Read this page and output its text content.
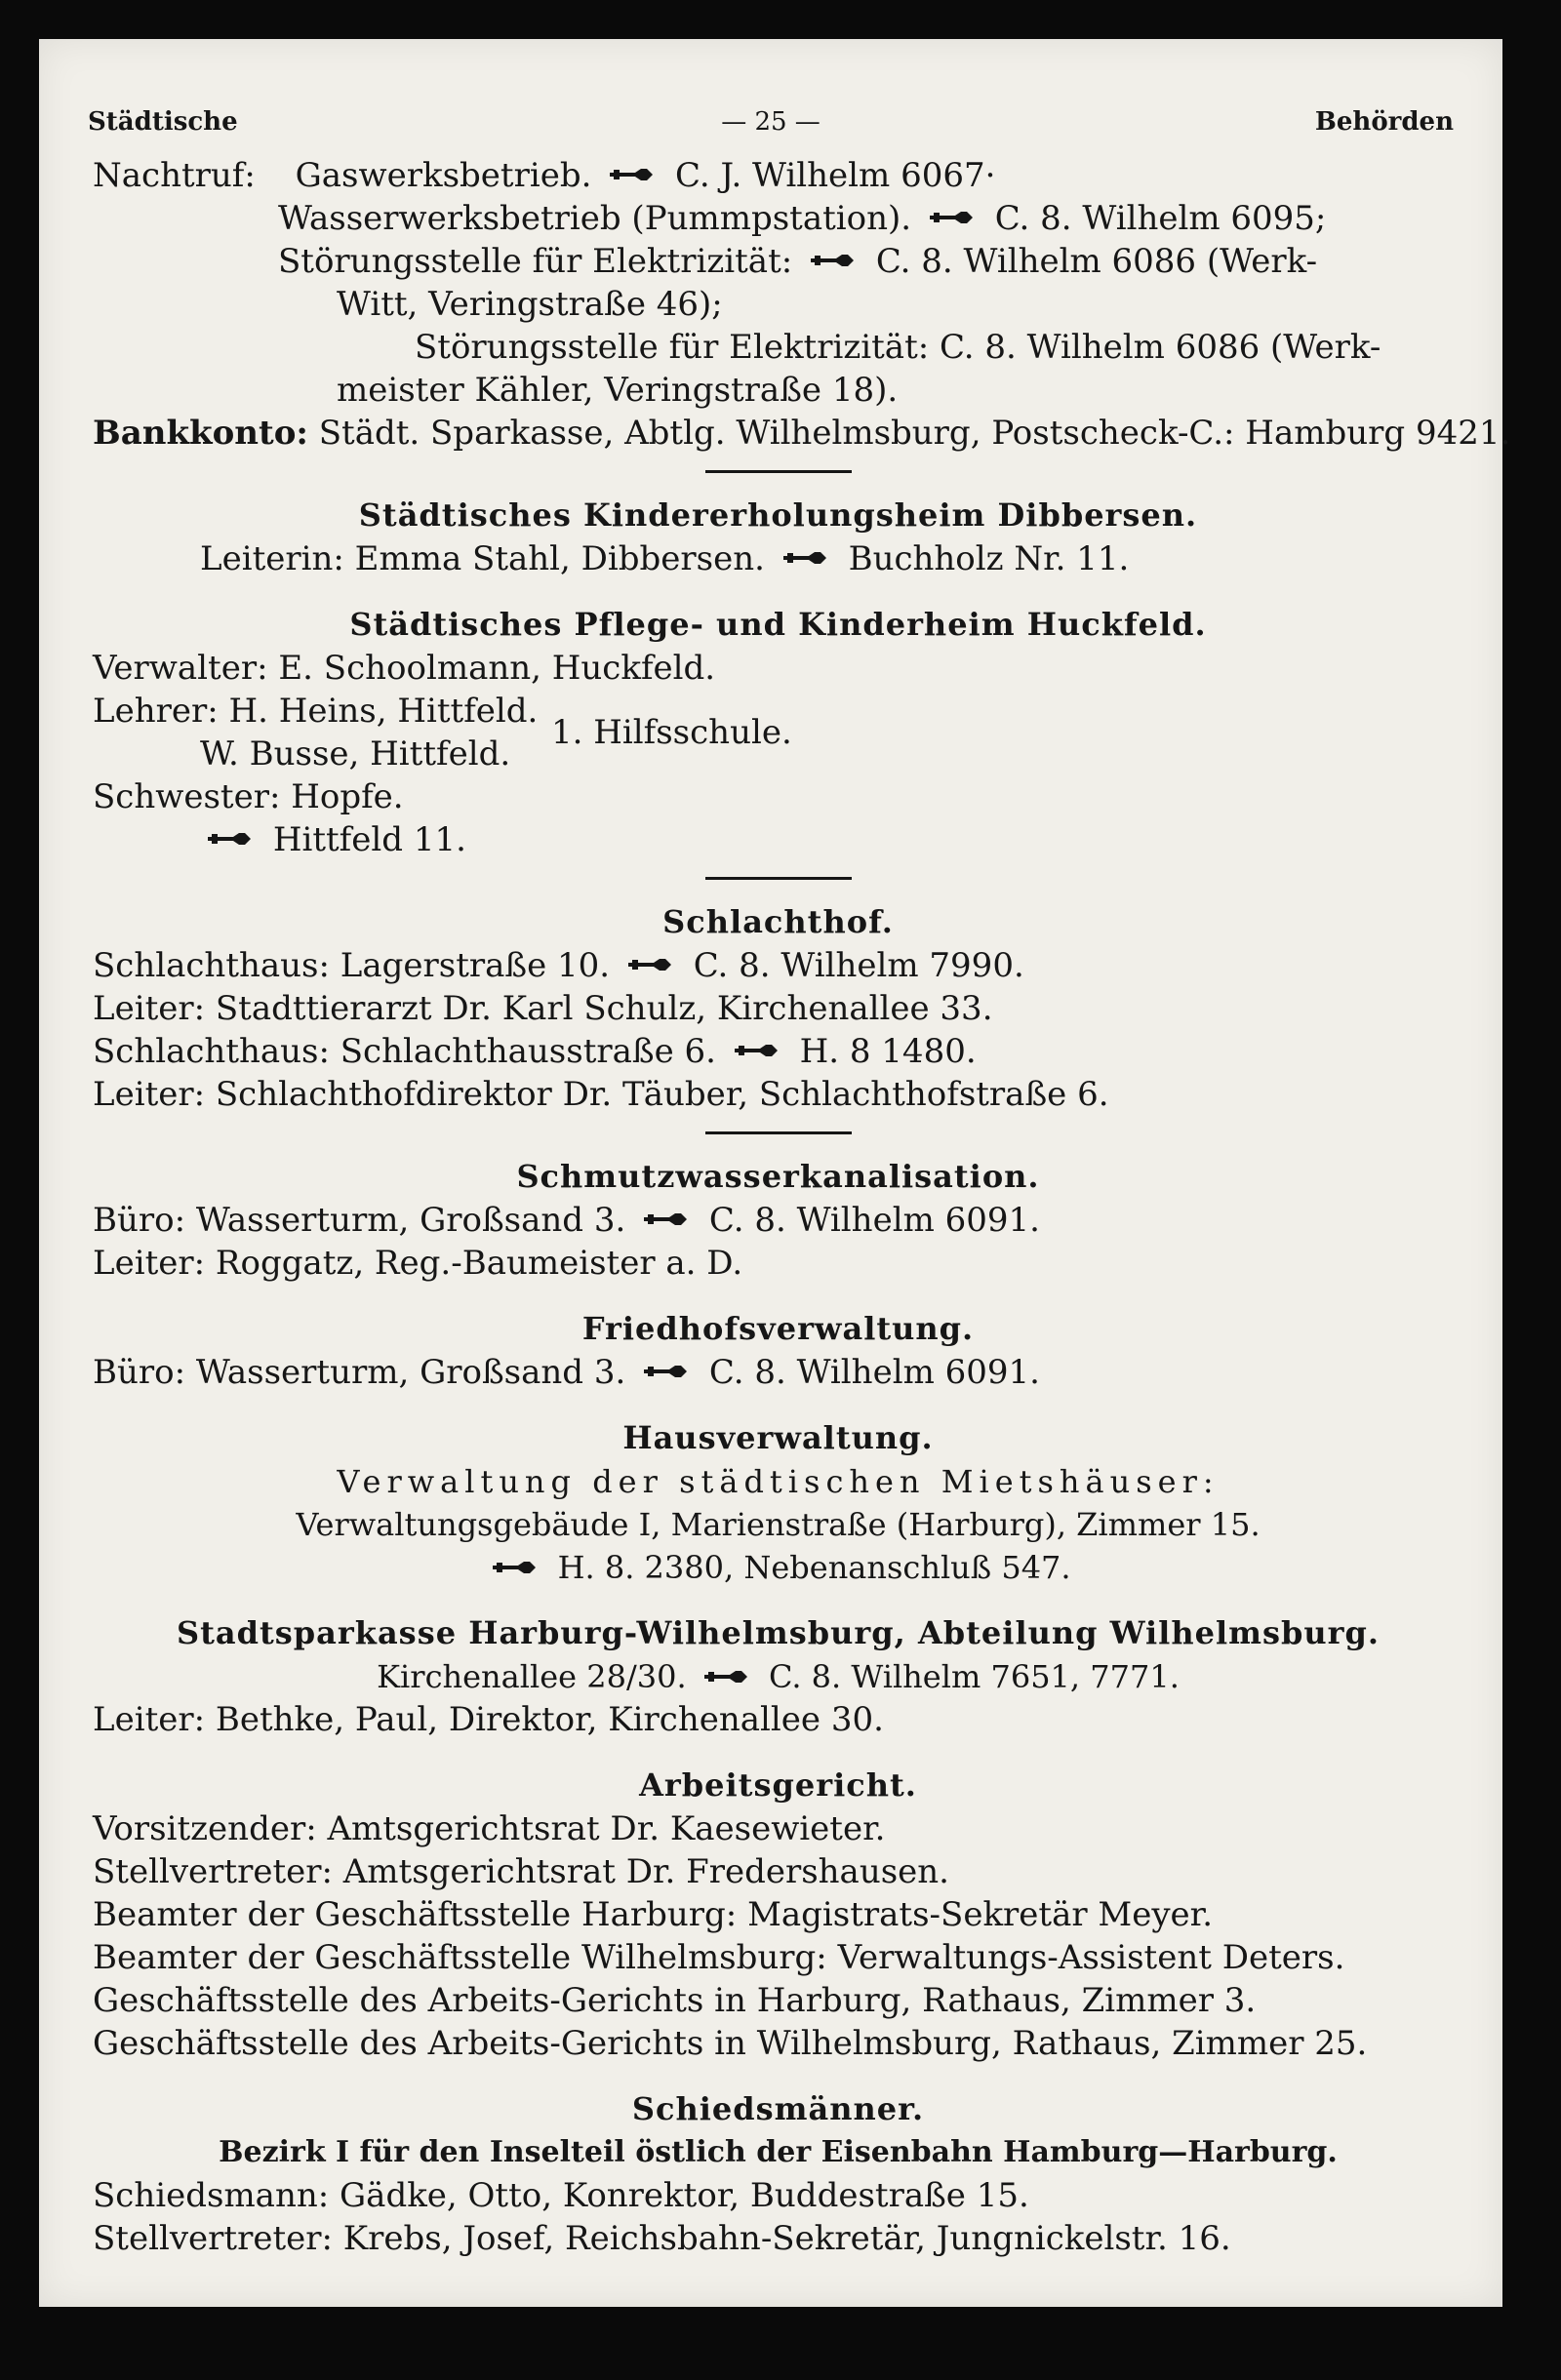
Städtische	— 25 —	Behörden
Nachtruf: Gaswerksbetrieb.	C. J. Wilhelm 6067·
Wasserwerksbetrieb (Pummpstation).	C. 8. Wilhelm 6095;
Störungsstelle für Elektrizität:	C. 8. Wilhelm 6086 (Werk-
Witt, Veringstraße 46);
Störungsstelle für Elektrizität: C. 8. Wilhelm 6086 (Werk-
meister Kähler, Veringstraße 18).
Bankkonto: Städt. Sparkasse, Abtlg. Wilhelmsburg, Postscheck-C.: Hamburg 9421.
Städtisches Kindererholungsheim Dibbersen.
Leiterin: Emma Stahl, Dibbersen.	Buchholz Nr. 11.
Städtisches Pflege- und Kinderheim Huckfeld.
Verwalter: E. Schoolmann, Huckfeld.
Lehrer: H. Heins, Hittfeld.
W. Busse, Hittfeld.
1. Hilfsschule.
Schwester: Hopfe.
Hittfeld 11.
Schlachthof.
Schlachthaus: Lagerstraße 10.	C. 8. Wilhelm 7990.
Leiter: Stadttierarzt Dr. Karl Schulz, Kirchenallee 33.
Schlachthaus: Schlachthausstraße 6.	H. 8 1480.
Leiter: Schlachthofdirektor Dr. Täuber, Schlachthofstraße 6.
Schmutzwasserkanalisation.
Büro: Wasserturm, Großsand 3.	C. 8. Wilhelm 6091.
Leiter: Roggatz, Reg.-Baumeister a. D.
Friedhofsverwaltung.
Büro: Wasserturm, Großsand 3.	C. 8. Wilhelm 6091.
Hausverwaltung.
Verwaltung der städtischen Mietshäuser:
Verwaltungsgebäude I, Marienstraße (Harburg), Zimmer 15.
H. 8. 2380, Nebenanschluß 547.
Stadtsparkasse Harburg-Wilhelmsburg, Abteilung Wilhelmsburg.
Kirchenallee 28/30.	C. 8. Wilhelm 7651, 7771.
Leiter: Bethke, Paul, Direktor, Kirchenallee 30.
Arbeitsgericht.
Vorsitzender: Amtsgerichtsrat Dr. Kaesewieter.
Stellvertreter: Amtsgerichtsrat Dr. Fredershausen.
Beamter der Geschäftsstelle Harburg: Magistrats-Sekretär Meyer.
Beamter der Geschäftsstelle Wilhelmsburg: Verwaltungs-Assistent Deters.
Geschäftsstelle des Arbeits-Gerichts in Harburg, Rathaus, Zimmer 3.
Geschäftsstelle des Arbeits-Gerichts in Wilhelmsburg, Rathaus, Zimmer 25.
Schiedsmänner.
Bezirk I für den Inselteil östlich der Eisenbahn Hamburg—Harburg.
Schiedsmann: Gädke, Otto, Konrektor, Buddestraße 15.
Stellvertreter: Krebs, Josef, Reichsbahn-Sekretär, Jungnickelstr. 16.
